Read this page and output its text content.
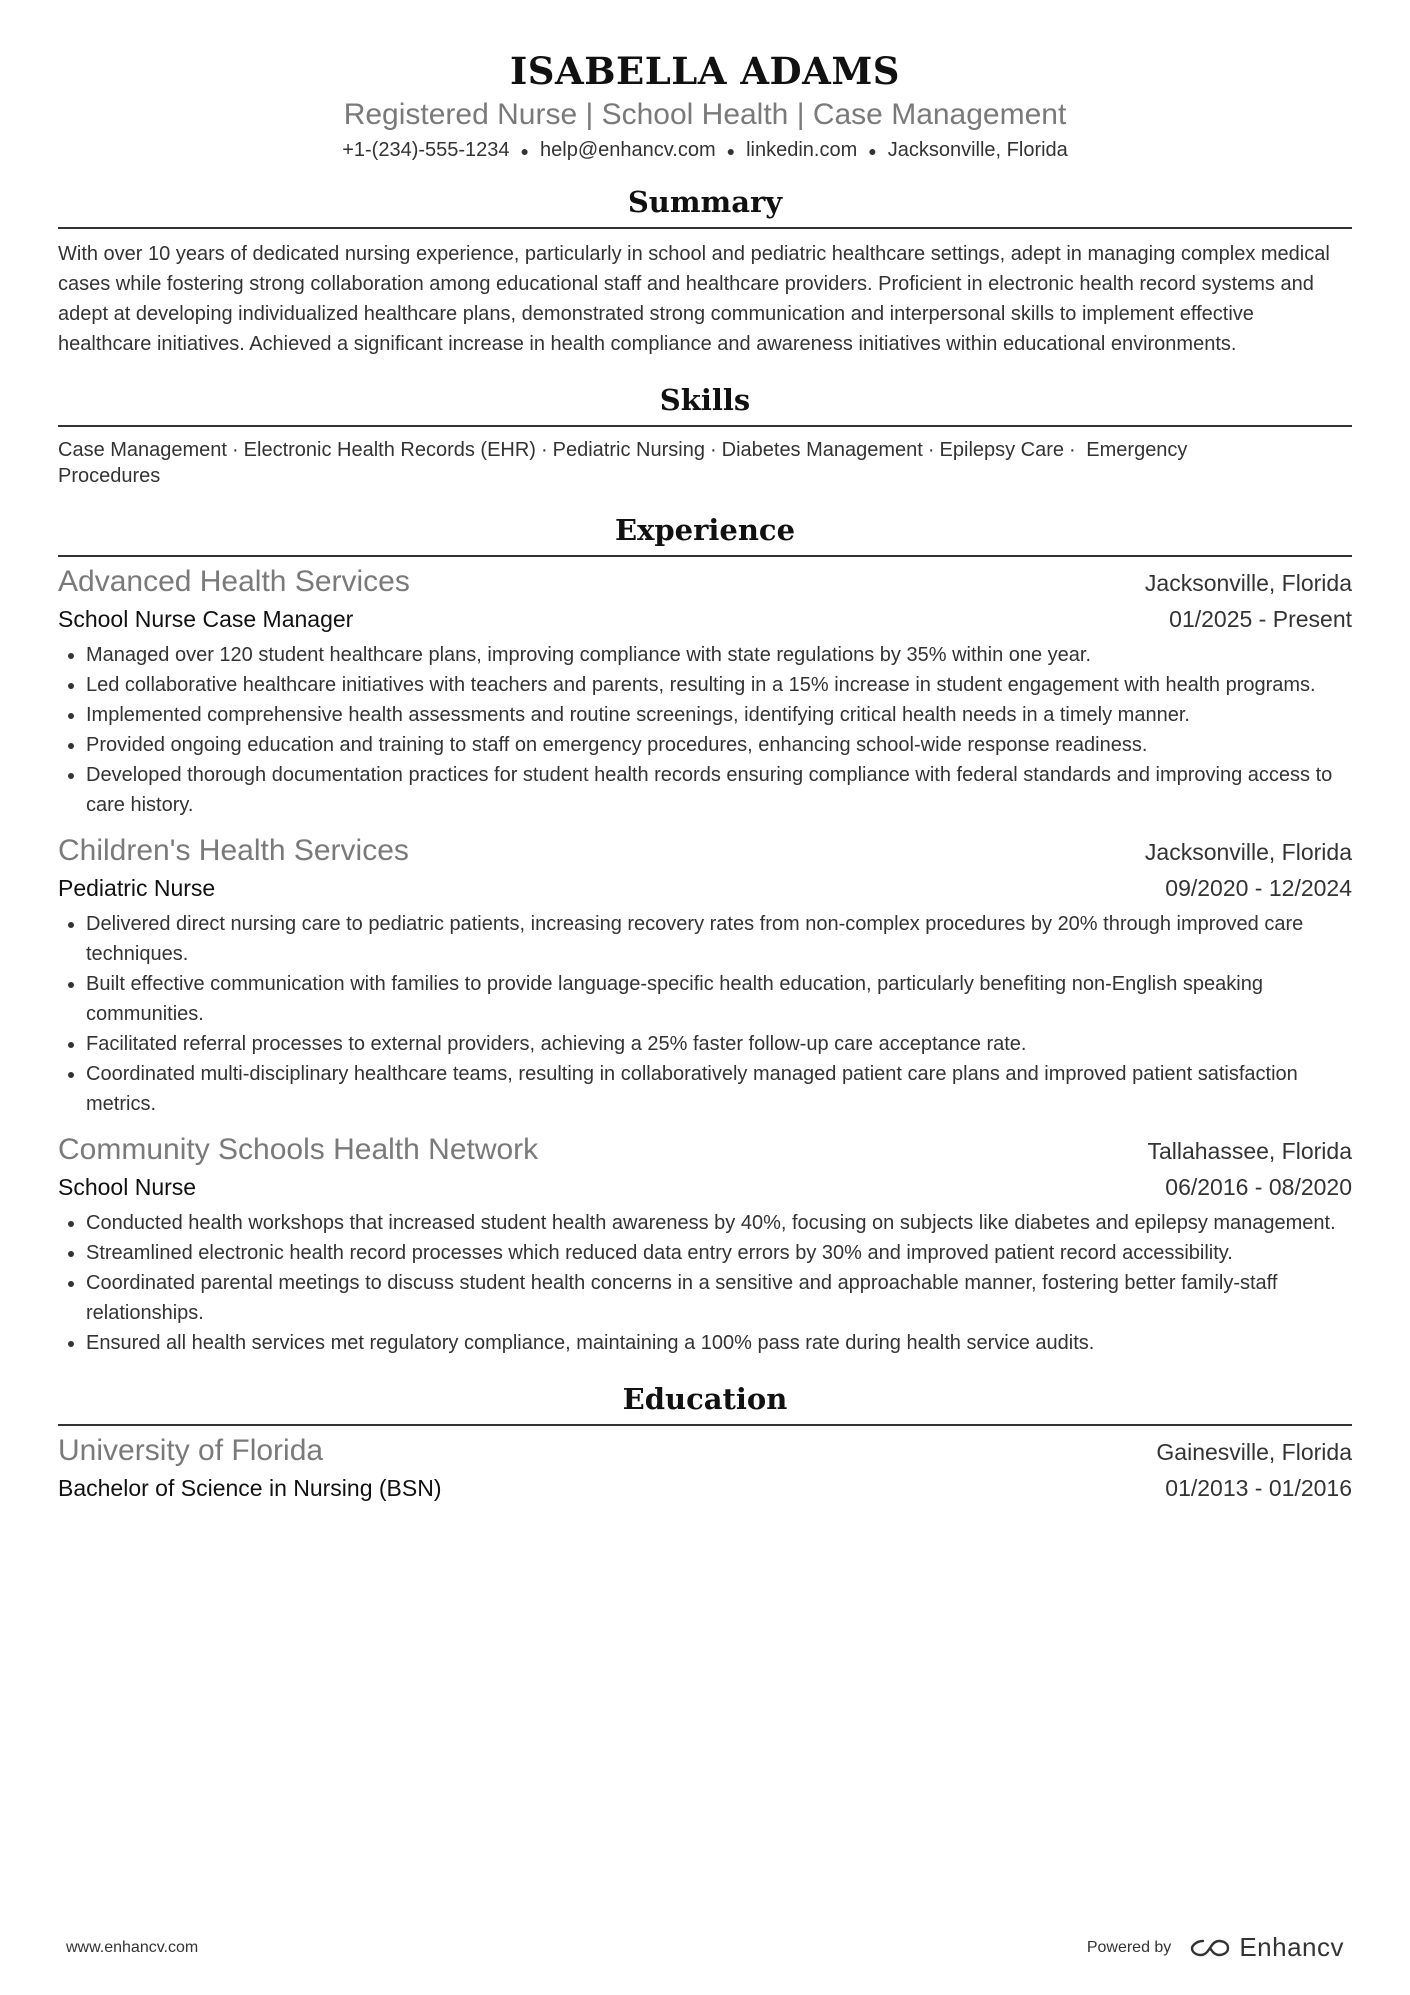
ISABELLA ADAMS
Registered Nurse | School Health | Case Management
+1-(234)-555-1234 ● help@enhancv.com ● linkedin.com ● Jacksonville, Florida
Summary
With over 10 years of dedicated nursing experience, particularly in school and pediatric healthcare settings, adept in managing complex medical cases while fostering strong collaboration among educational staff and healthcare providers. Proficient in electronic health record systems and adept at developing individualized healthcare plans, demonstrated strong communication and interpersonal skills to implement effective healthcare initiatives. Achieved a significant increase in health compliance and awareness initiatives within educational environments.
Skills
Case Management · Electronic Health Records (EHR) · Pediatric Nursing · Diabetes Management · Epilepsy Care · Emergency Procedures
Experience
Advanced Health Services	Jacksonville, Florida
School Nurse Case Manager	01/2025 - Present
• Managed over 120 student healthcare plans, improving compliance with state regulations by 35% within one year.
• Led collaborative healthcare initiatives with teachers and parents, resulting in a 15% increase in student engagement with health programs.
• Implemented comprehensive health assessments and routine screenings, identifying critical health needs in a timely manner.
• Provided ongoing education and training to staff on emergency procedures, enhancing school-wide response readiness.
• Developed thorough documentation practices for student health records ensuring compliance with federal standards and improving access to care history.
Children's Health Services	Jacksonville, Florida
Pediatric Nurse	09/2020 - 12/2024
• Delivered direct nursing care to pediatric patients, increasing recovery rates from non-complex procedures by 20% through improved care techniques.
• Built effective communication with families to provide language-specific health education, particularly benefiting non-English speaking communities.
• Facilitated referral processes to external providers, achieving a 25% faster follow-up care acceptance rate.
• Coordinated multi-disciplinary healthcare teams, resulting in collaboratively managed patient care plans and improved patient satisfaction metrics.
Community Schools Health Network	Tallahassee, Florida
School Nurse	06/2016 - 08/2020
• Conducted health workshops that increased student health awareness by 40%, focusing on subjects like diabetes and epilepsy management.
• Streamlined electronic health record processes which reduced data entry errors by 30% and improved patient record accessibility.
• Coordinated parental meetings to discuss student health concerns in a sensitive and approachable manner, fostering better family-staff relationships.
• Ensured all health services met regulatory compliance, maintaining a 100% pass rate during health service audits.
Education
University of Florida	Gainesville, Florida
Bachelor of Science in Nursing (BSN)	01/2013 - 01/2016
www.enhancv.com	Powered by	Enhancv
